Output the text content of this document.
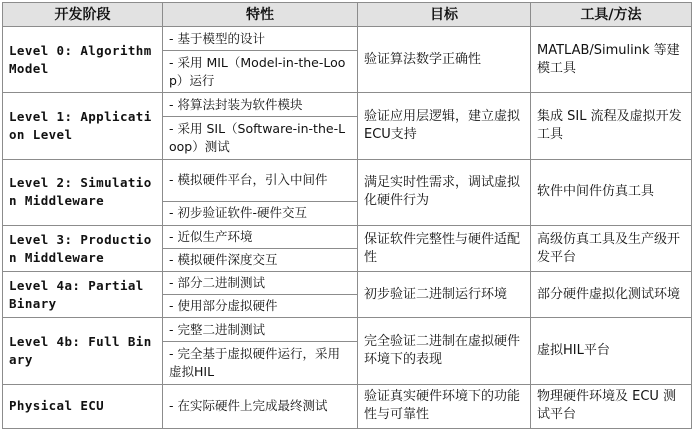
开发阶段	特性	目标	工具/方法
Level 0: Algorithm Model	- 基于模型的设计	验证算法数学正确性	MATLAB/Simulink 等建模工具
	- 采用 MIL（Model-in-the-Loop）运行		
Level 1: Application Level	- 将算法封装为软件模块	验证应用层逻辑，建立虚拟ECU支持	集成 SIL 流程及虚拟开发工具
	- 采用 SIL（Software-in-the-Loop）测试		
Level 2: Simulation Middleware	- 模拟硬件平台，引入中间件	满足实时性需求，调试虚拟化硬件行为	软件中间件仿真工具
	- 初步验证软件-硬件交互		
Level 3: Production Middleware	- 近似生产环境	保证软件完整性与硬件适配性	高级仿真工具及生产级开发平台
	- 模拟硬件深度交互		
Level 4a: Partial Binary	- 部分二进制测试	初步验证二进制运行环境	部分硬件虚拟化测试环境
	- 使用部分虚拟硬件		
Level 4b: Full Binary	- 完整二进制测试	完全验证二进制在虚拟硬件环境下的表现	虚拟HIL平台
	- 完全基于虚拟硬件运行，采用虚拟HIL		
Physical ECU	- 在实际硬件上完成最终测试	验证真实硬件环境下的功能性与可靠性	物理硬件环境及 ECU 测试平台
